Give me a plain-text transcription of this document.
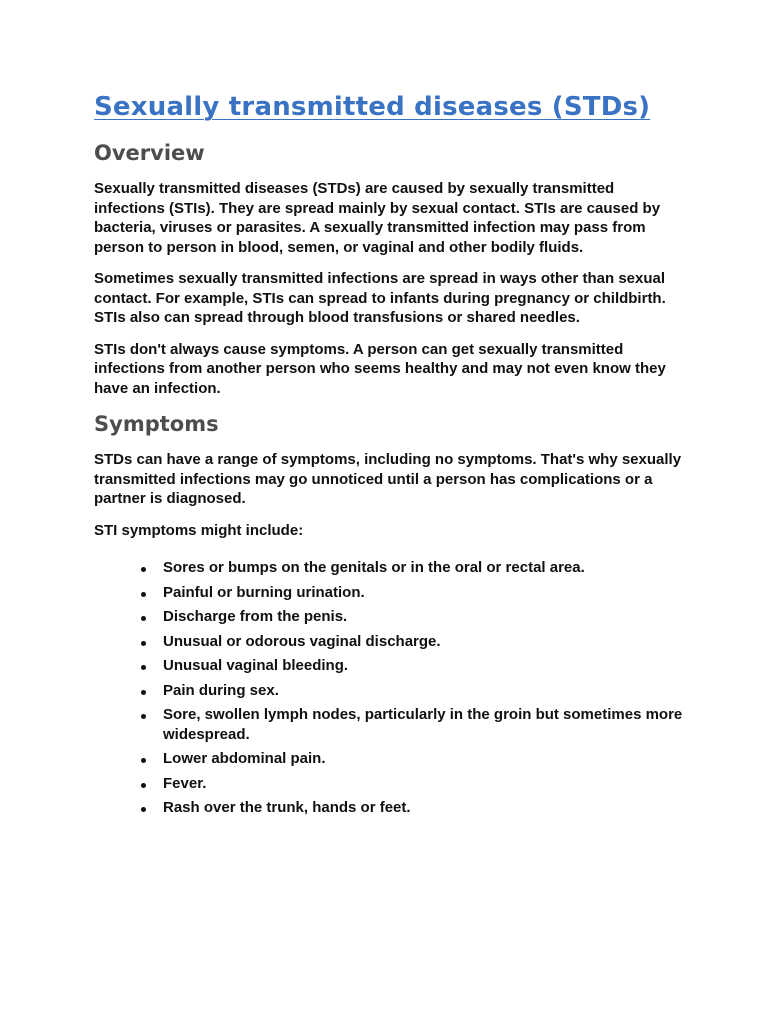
Sexually transmitted diseases (STDs)
Overview

Sexually transmitted diseases (STDs) are caused by sexually transmitted infections (STIs). They are spread mainly by sexual contact. STIs are caused by bacteria, viruses or parasites. A sexually transmitted infection may pass from person to person in blood, semen, or vaginal and other bodily fluids.

Sometimes sexually transmitted infections are spread in ways other than sexual contact. For example, STIs can spread to infants during pregnancy or childbirth. STIs also can spread through blood transfusions or shared needles.

STIs don't always cause symptoms. A person can get sexually transmitted infections from another person who seems healthy and may not even know they have an infection.

Symptoms

STDs can have a range of symptoms, including no symptoms. That's why sexually transmitted infections may go unnoticed until a person has complications or a partner is diagnosed.

STI symptoms might include:

Sores or bumps on the genitals or in the oral or rectal area.
Painful or burning urination.
Discharge from the penis.
Unusual or odorous vaginal discharge.
Unusual vaginal bleeding.
Pain during sex.
Sore, swollen lymph nodes, particularly in the groin but sometimes more widespread.
Lower abdominal pain.
Fever.
Rash over the trunk, hands or feet.
